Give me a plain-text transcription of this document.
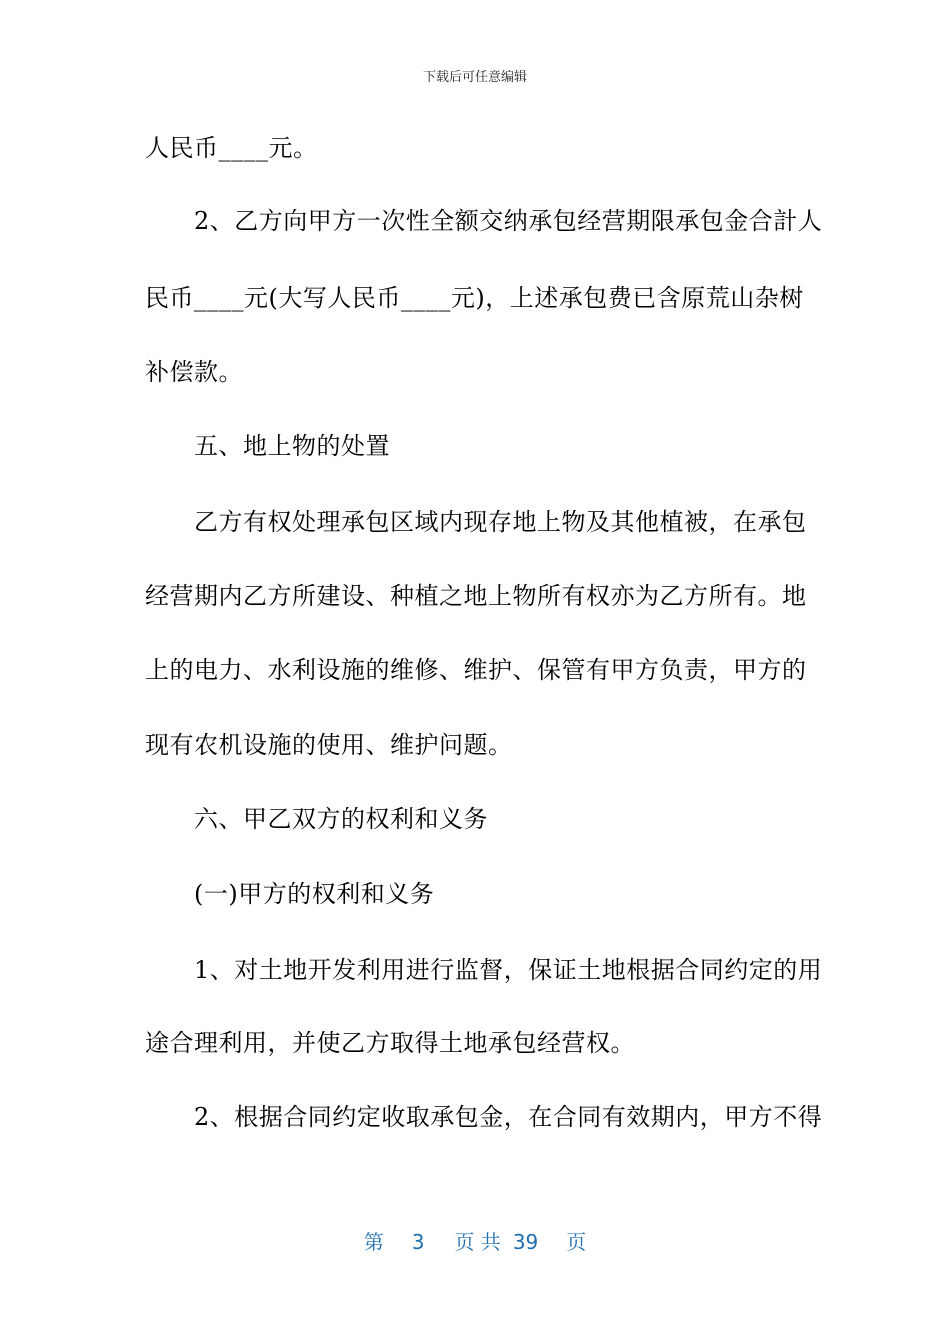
下载后可任意编辑
人民币____元。
　　2、乙方向甲方一次性全额交纳承包经营期限承包金合計人
民币____元(大写人民币____元)，上述承包费已含原荒山杂树
补偿款。
　　五、地上物的处置
　　乙方有权处理承包区域内现存地上物及其他植被，在承包
经营期内乙方所建设、种植之地上物所有权亦为乙方所有。地
上的电力、水利设施的维修、维护、保管有甲方负责，甲方的
现有农机设施的使用、维护问题。
　　六、甲乙双方的权利和义务
　　(一)甲方的权利和义务
　　1、对土地开发利用进行监督，保证土地根据合同约定的用
途合理利用，并使乙方取得土地承包经营权。
　　2、根据合同约定收取承包金，在合同有效期内，甲方不得
第 3 页 共 39 页
